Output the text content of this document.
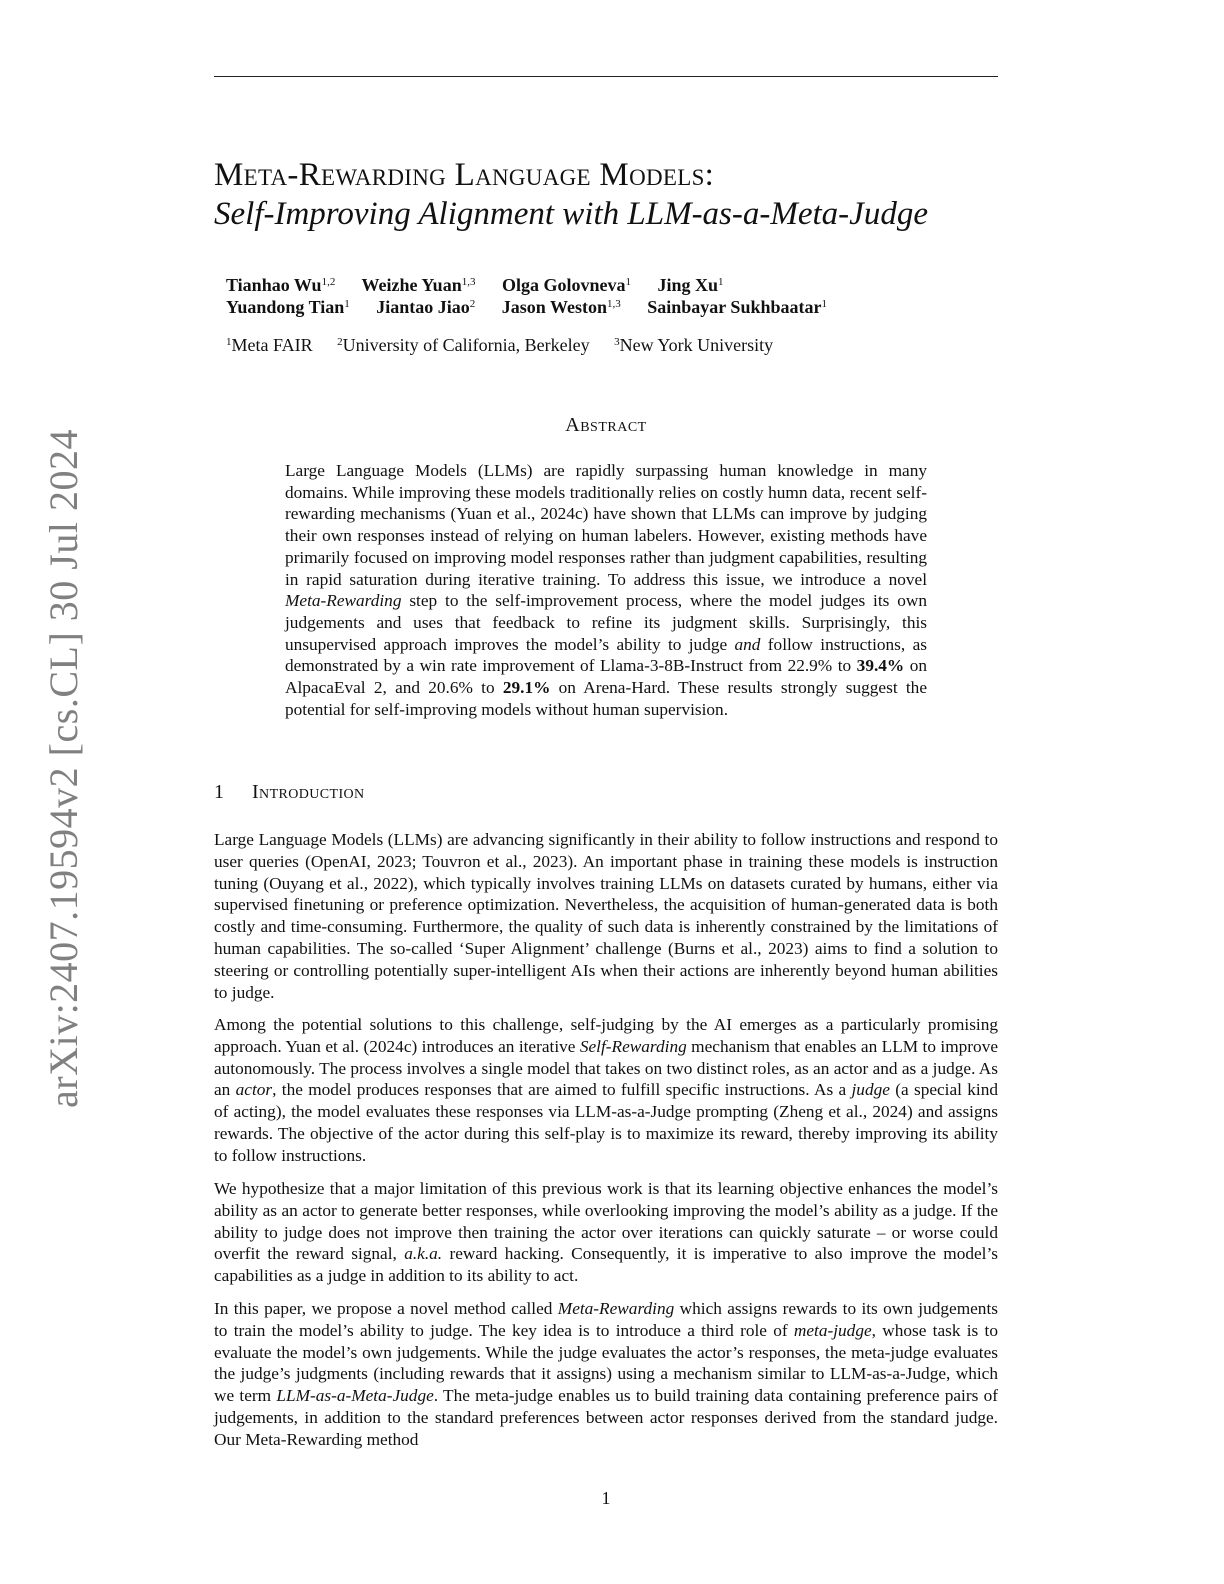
arXiv:2407.19594v2 [cs.CL] 30 Jul 2024
Meta-Rewarding Language Models:
Self-Improving Alignment with LLM-as-a-Meta-Judge
Tianhao Wu$^{1,2}$ Weizhe Yuan$^{1,3}$ Olga Golovneva$^1$ Jing Xu$^1$
Yuandong Tian$^1$ Jiantao Jiao$^2$ Jason Weston$^{1,3}$ Sainbayar Sukhbaatar$^1$
$^1$Meta FAIR $^2$University of California, Berkeley $^3$New York University
Abstract
Large Language Models (LLMs) are rapidly surpassing human knowledge in many domains. While improving these models traditionally relies on costly humn data, recent self-rewarding mechanisms (Yuan et al., 2024c) have shown that LLMs can improve by judging their own responses instead of relying on human labelers. However, existing methods have primarily focused on improving model responses rather than judgment capabilities, resulting in rapid saturation during iterative training. To address this issue, we introduce a novel Meta-Rewarding step to the self-improvement process, where the model judges its own judgements and uses that feedback to refine its judgment skills. Surprisingly, this unsupervised approach improves the model’s ability to judge and follow instructions, as demonstrated by a win rate improvement of Llama-3-8B-Instruct from 22.9% to 39.4% on AlpacaEval 2, and 20.6% to 29.1% on Arena-Hard. These results strongly suggest the potential for self-improving models without human supervision.
1 Introduction
Large Language Models (LLMs) are advancing significantly in their ability to follow instructions and respond to user queries (OpenAI, 2023; Touvron et al., 2023). An important phase in training these models is instruction tuning (Ouyang et al., 2022), which typically involves training LLMs on datasets curated by humans, either via supervised finetuning or preference optimization. Nevertheless, the acquisition of human-generated data is both costly and time-consuming. Furthermore, the quality of such data is inherently constrained by the limitations of human capabilities. The so-called ‘Super Alignment’ challenge (Burns et al., 2023) aims to find a solution to steering or controlling potentially super-intelligent AIs when their actions are inherently beyond human abilities to judge.
Among the potential solutions to this challenge, self-judging by the AI emerges as a particularly promising approach. Yuan et al. (2024c) introduces an iterative Self-Rewarding mechanism that enables an LLM to improve autonomously. The process involves a single model that takes on two distinct roles, as an actor and as a judge. As an actor, the model produces responses that are aimed to fulfill specific instructions. As a judge (a special kind of acting), the model evaluates these responses via LLM-as-a-Judge prompting (Zheng et al., 2024) and assigns rewards. The objective of the actor during this self-play is to maximize its reward, thereby improving its ability to follow instructions.
We hypothesize that a major limitation of this previous work is that its learning objective enhances the model’s ability as an actor to generate better responses, while overlooking improving the model’s ability as a judge. If the ability to judge does not improve then training the actor over iterations can quickly saturate – or worse could overfit the reward signal, a.k.a. reward hacking. Consequently, it is imperative to also improve the model’s capabilities as a judge in addition to its ability to act.
In this paper, we propose a novel method called Meta-Rewarding which assigns rewards to its own judgements to train the model’s ability to judge. The key idea is to introduce a third role of meta-judge, whose task is to evaluate the model’s own judgements. While the judge evaluates the actor’s responses, the meta-judge evaluates the judge’s judgments (including rewards that it assigns) using a mechanism similar to LLM-as-a-Judge, which we term LLM-as-a-Meta-Judge. The meta-judge enables us to build training data containing preference pairs of judgements, in addition to the standard preferences between actor responses derived from the standard judge. Our Meta-Rewarding method
1
